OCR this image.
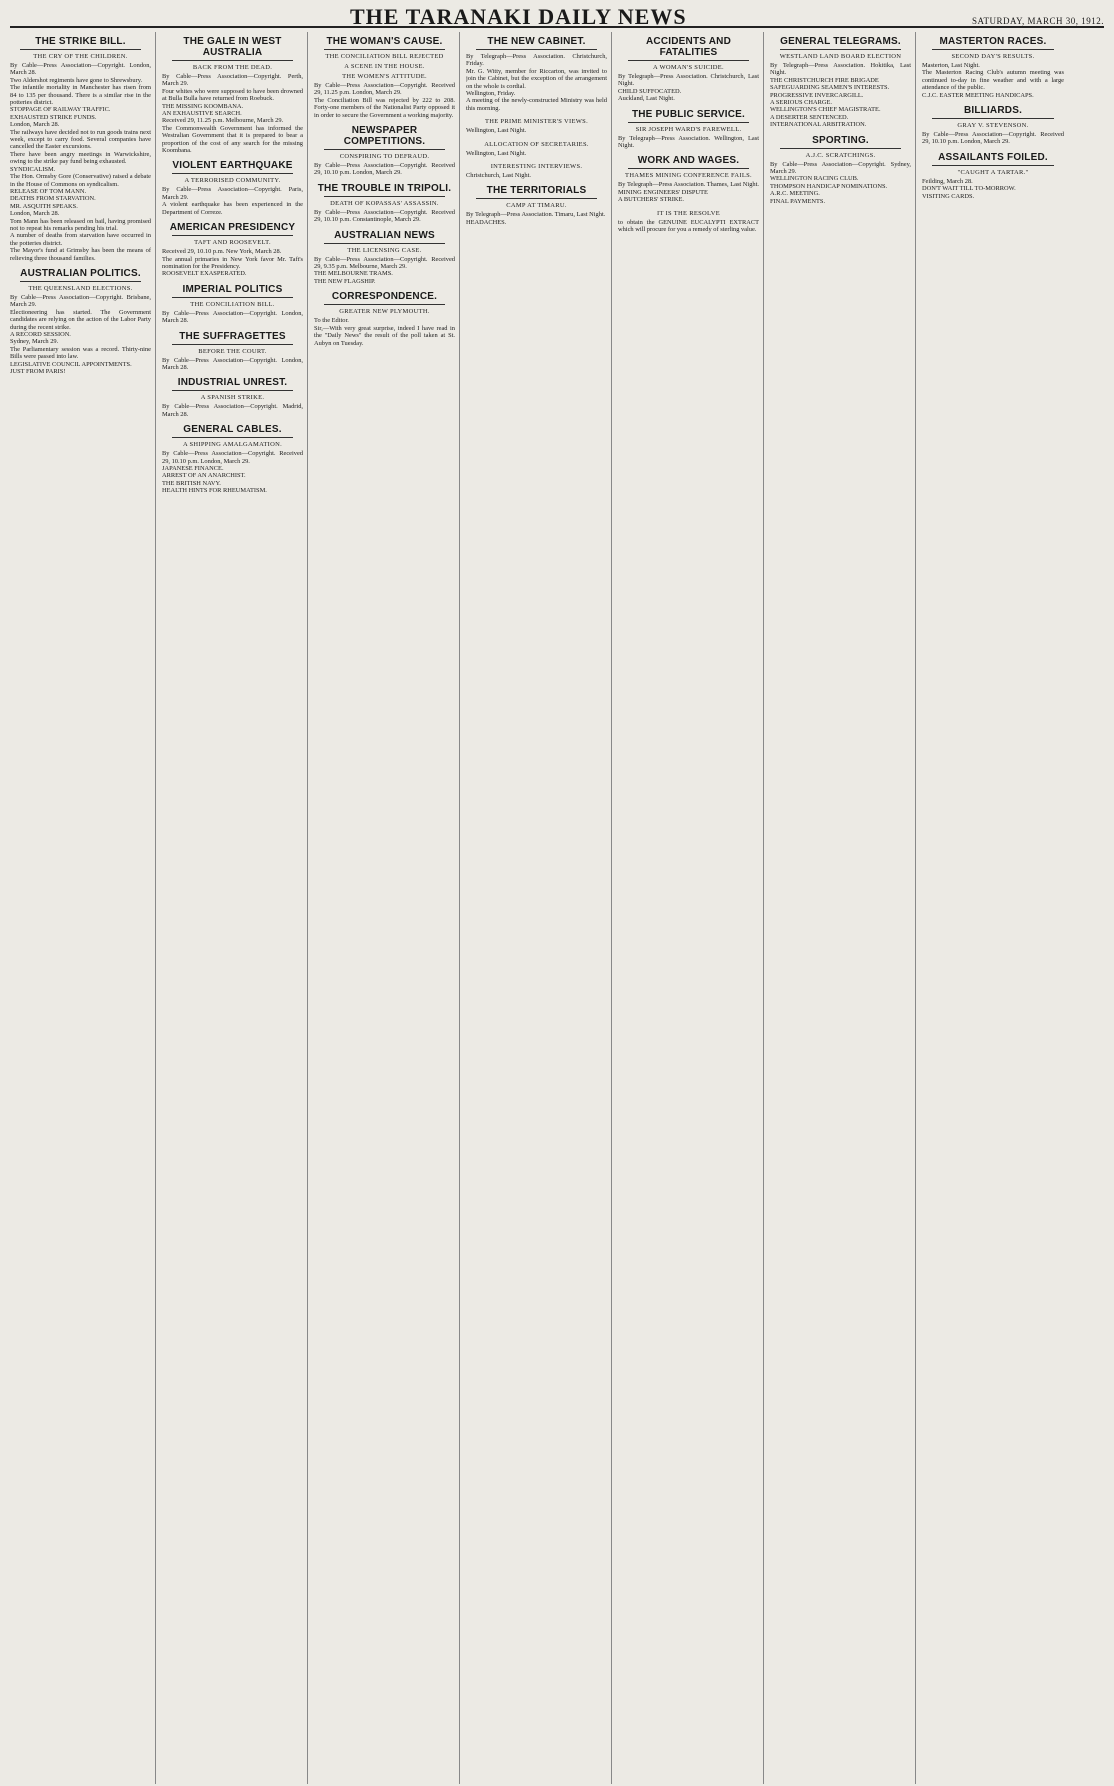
THE TARANAKI DAILY NEWS	SATURDAY, MARCH 30, 1912.
THE STRIKE BILL.
THE CRY OF THE CHILDREN.

By Cable—Press Association—Copyright. London, March 28.

Two Aldershot regiments have gone to Shrewsbury.

The infantile mortality in Manchester has risen from 84 to 135 per thousand. There is a similar rise in the potteries district.

STOPPAGE OF RAILWAY TRAFFIC.

EXHAUSTED STRIKE FUNDS.

London, March 28.

The railways have decided not to run goods trains next week, except to carry food. Several companies have cancelled the Easter excursions.

There have been angry meetings in Warwickshire, owing to the strike pay fund being exhausted.

SYNDICALISM.

The Hon. Ormsby Gore (Conservative) raised a debate in the House of Commons on syndicalism.

RELEASE OF TOM MANN.

DEATHS FROM STARVATION.

MR. ASQUITH SPEAKS.

London, March 28.

Tom Mann has been released on bail, having promised not to repeat his remarks pending his trial.

A number of deaths from starvation have occurred in the potteries district.

The Mayor's fund at Grimsby has been the means of relieving three thousand families.

AUSTRALIAN POLITICS.
THE QUEENSLAND ELECTIONS.

By Cable—Press Association—Copyright. Brisbane, March 29.

Electioneering has started. The Government candidates are relying on the action of the Labor Party during the recent strike.

A RECORD SESSION.

Sydney, March 29.

The Parliamentary session was a record. Thirty-nine Bills were passed into law.

LEGISLATIVE COUNCIL APPOINTMENTS.

JUST FROM PARIS!

THE GALE IN WEST AUSTRALIA
BACK FROM THE DEAD.

By Cable—Press Association—Copyright. Perth, March 29.

Four whites who were supposed to have been drowned at Bulla Bulla have returned from Roebuck.

THE MISSING KOOMBANA.

AN EXHAUSTIVE SEARCH.

Received 29, 11.25 p.m. Melbourne, March 29.

The Commonwealth Government has informed the Westralian Government that it is prepared to bear a proportion of the cost of any search for the missing Koombana.

VIOLENT EARTHQUAKE
A TERRORISED COMMUNITY.

By Cable—Press Association—Copyright. Paris, March 29.

A violent earthquake has been experienced in the Department of Correze.

AMERICAN PRESIDENCY
TAFT AND ROOSEVELT.

Received 29, 10.10 p.m. New York, March 28.

The annual primaries in New York favor Mr. Taft's nomination for the Presidency.

ROOSEVELT EXASPERATED.

IMPERIAL POLITICS
THE CONCILIATION BILL.

By Cable—Press Association—Copyright. London, March 28.

THE SUFFRAGETTES
BEFORE THE COURT.

By Cable—Press Association—Copyright. London, March 28.

INDUSTRIAL UNREST.
A SPANISH STRIKE.

By Cable—Press Association—Copyright. Madrid, March 28.

GENERAL CABLES.
A SHIPPING AMALGAMATION.

By Cable—Press Association—Copyright. Received 29, 10.10 p.m. London, March 29.

JAPANESE FINANCE.

ARREST OF AN ANARCHIST.

THE BRITISH NAVY.

HEALTH HINTS FOR RHEUMATISM.

THE WOMAN'S CAUSE.
THE CONCILIATION BILL REJECTED
A SCENE IN THE HOUSE.
THE WOMEN'S ATTITUDE.

By Cable—Press Association—Copyright. Received 29, 11.25 p.m. London, March 29.

The Conciliation Bill was rejected by 222 to 208. Forty-one members of the Nationalist Party opposed it in order to secure the Government a working majority.

NEWSPAPER COMPETITIONS.
CONSPIRING TO DEFRAUD.

By Cable—Press Association—Copyright. Received 29, 10.10 p.m. London, March 29.

THE TROUBLE IN TRIPOLI.
DEATH OF KOPASSAS' ASSASSIN.

By Cable—Press Association—Copyright. Received 29, 10.10 p.m. Constantinople, March 29.

AUSTRALIAN NEWS
THE LICENSING CASE.

By Cable—Press Association—Copyright. Received 29, 9.35 p.m. Melbourne, March 29.

THE MELBOURNE TRAMS.

THE NEW FLAGSHIP.

CORRESPONDENCE.
GREATER NEW PLYMOUTH.

To the Editor.

Sir,—With very great surprise, indeed I have read in the "Daily News" the result of the poll taken at St. Aubyn on Tuesday.

THE NEW CABINET.

By Telegraph—Press Association. Christchurch, Friday.

Mr. G. Witty, member for Riccarton, was invited to join the Cabinet, but the exception of the arrangement on the whole is cordial.

Wellington, Friday.

A meeting of the newly-constructed Ministry was held this morning.

THE PRIME MINISTER'S VIEWS.

Wellington, Last Night.

ALLOCATION OF SECRETARIES.

Wellington, Last Night.

INTERESTING INTERVIEWS.

Christchurch, Last Night.

THE TERRITORIALS
CAMP AT TIMARU.

By Telegraph—Press Association. Timaru, Last Night.

HEADACHES.

ACCIDENTS AND FATALITIES
A WOMAN'S SUICIDE.

By Telegraph—Press Association. Christchurch, Last Night.

CHILD SUFFOCATED.

Auckland, Last Night.

THE PUBLIC SERVICE.
SIR JOSEPH WARD'S FAREWELL.

By Telegraph—Press Association. Wellington, Last Night.

WORK AND WAGES.
THAMES MINING CONFERENCE FAILS.

By Telegraph—Press Association. Thames, Last Night.

MINING ENGINEERS' DISPUTE

A BUTCHERS' STRIKE.

IT IS THE RESOLVE

to obtain the GENUINE EUCALYPTI EXTRACT which will procure for you a remedy of sterling value.

GENERAL TELEGRAMS.
WESTLAND LAND BOARD ELECTION

By Telegraph—Press Association. Hokitika, Last Night.

THE CHRISTCHURCH FIRE BRIGADE

SAFEGUARDING SEAMEN'S INTERESTS.

PROGRESSIVE INVERCARGILL.

A SERIOUS CHARGE.

WELLINGTON'S CHIEF MAGISTRATE.

A DESERTER SENTENCED.

INTERNATIONAL ARBITRATION.

SPORTING.
A.J.C. SCRATCHINGS.

By Cable—Press Association—Copyright. Sydney, March 29.

WELLINGTON RACING CLUB.

THOMPSON HANDICAP NOMINATIONS.

A.R.C. MEETING.

FINAL PAYMENTS.

MASTERTON RACES.
SECOND DAY'S RESULTS.

Masterton, Last Night.

The Masterton Racing Club's autumn meeting was continued to-day in fine weather and with a large attendance of the public.

C.J.C. EASTER MEETING HANDICAPS.

BILLIARDS.
GRAY V. STEVENSON.

By Cable—Press Association—Copyright. Received 29, 10.10 p.m. London, March 29.

ASSAILANTS FOILED.
"CAUGHT A TARTAR."

Feilding, March 28.

DON'T WAIT TILL TO-MORROW.

VISITING CARDS.
